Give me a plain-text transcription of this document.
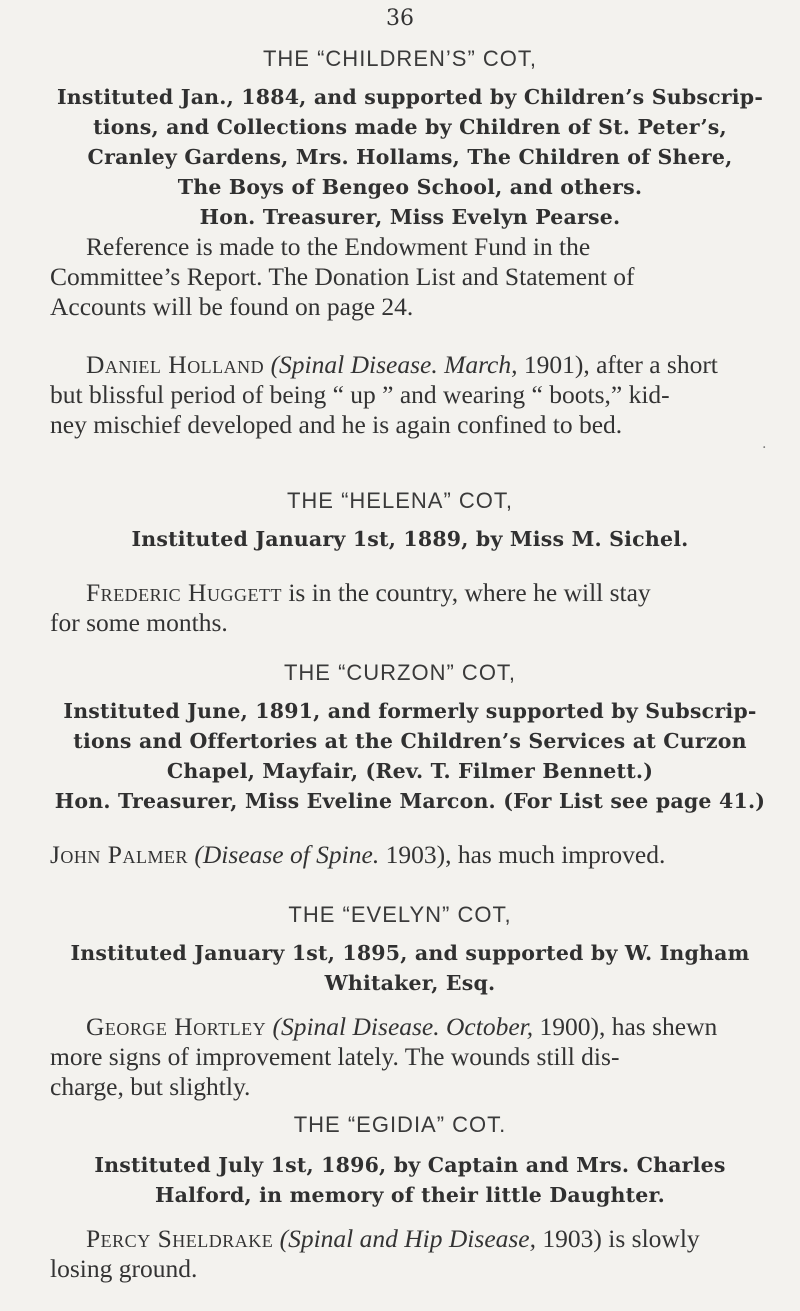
36
THE “CHILDREN’S” COT,
Instituted Jan., 1884, and supported by Children’s Subscrip-
tions, and Collections made by Children of St. Peter’s,
Cranley Gardens, Mrs. Hollams, The Children of Shere,
The Boys of Bengeo School, and others.
Hon. Treasurer, Miss Evelyn Pearse.
Reference is made to the Endowment Fund in the
Committee’s Report. The Donation List and Statement of
Accounts will be found on page 24.
Daniel Holland (Spinal Disease. March, 1901), after a short
but blissful period of being “ up ” and wearing “ boots,” kid-
ney mischief developed and he is again confined to bed.
.
THE “HELENA” COT,
Instituted January 1st, 1889, by Miss M. Sichel.
Frederic Huggett is in the country, where he will stay
for some months.
THE “CURZON” COT,
Instituted June, 1891, and formerly supported by Subscrip-
tions and Offertories at the Children’s Services at Curzon
Chapel, Mayfair, (Rev. T. Filmer Bennett.)
Hon. Treasurer, Miss Eveline Marcon. (For List see page 41.)
John Palmer (Disease of Spine. 1903), has much improved.
THE “EVELYN” COT,
Instituted January 1st, 1895, and supported by W. Ingham
Whitaker, Esq.
George Hortley (Spinal Disease. October, 1900), has shewn
more signs of improvement lately. The wounds still dis-
charge, but slightly.
THE “EGIDIA” COT.
Instituted July 1st, 1896, by Captain and Mrs. Charles
Halford, in memory of their little Daughter.
Percy Sheldrake (Spinal and Hip Disease, 1903) is slowly
losing ground.
